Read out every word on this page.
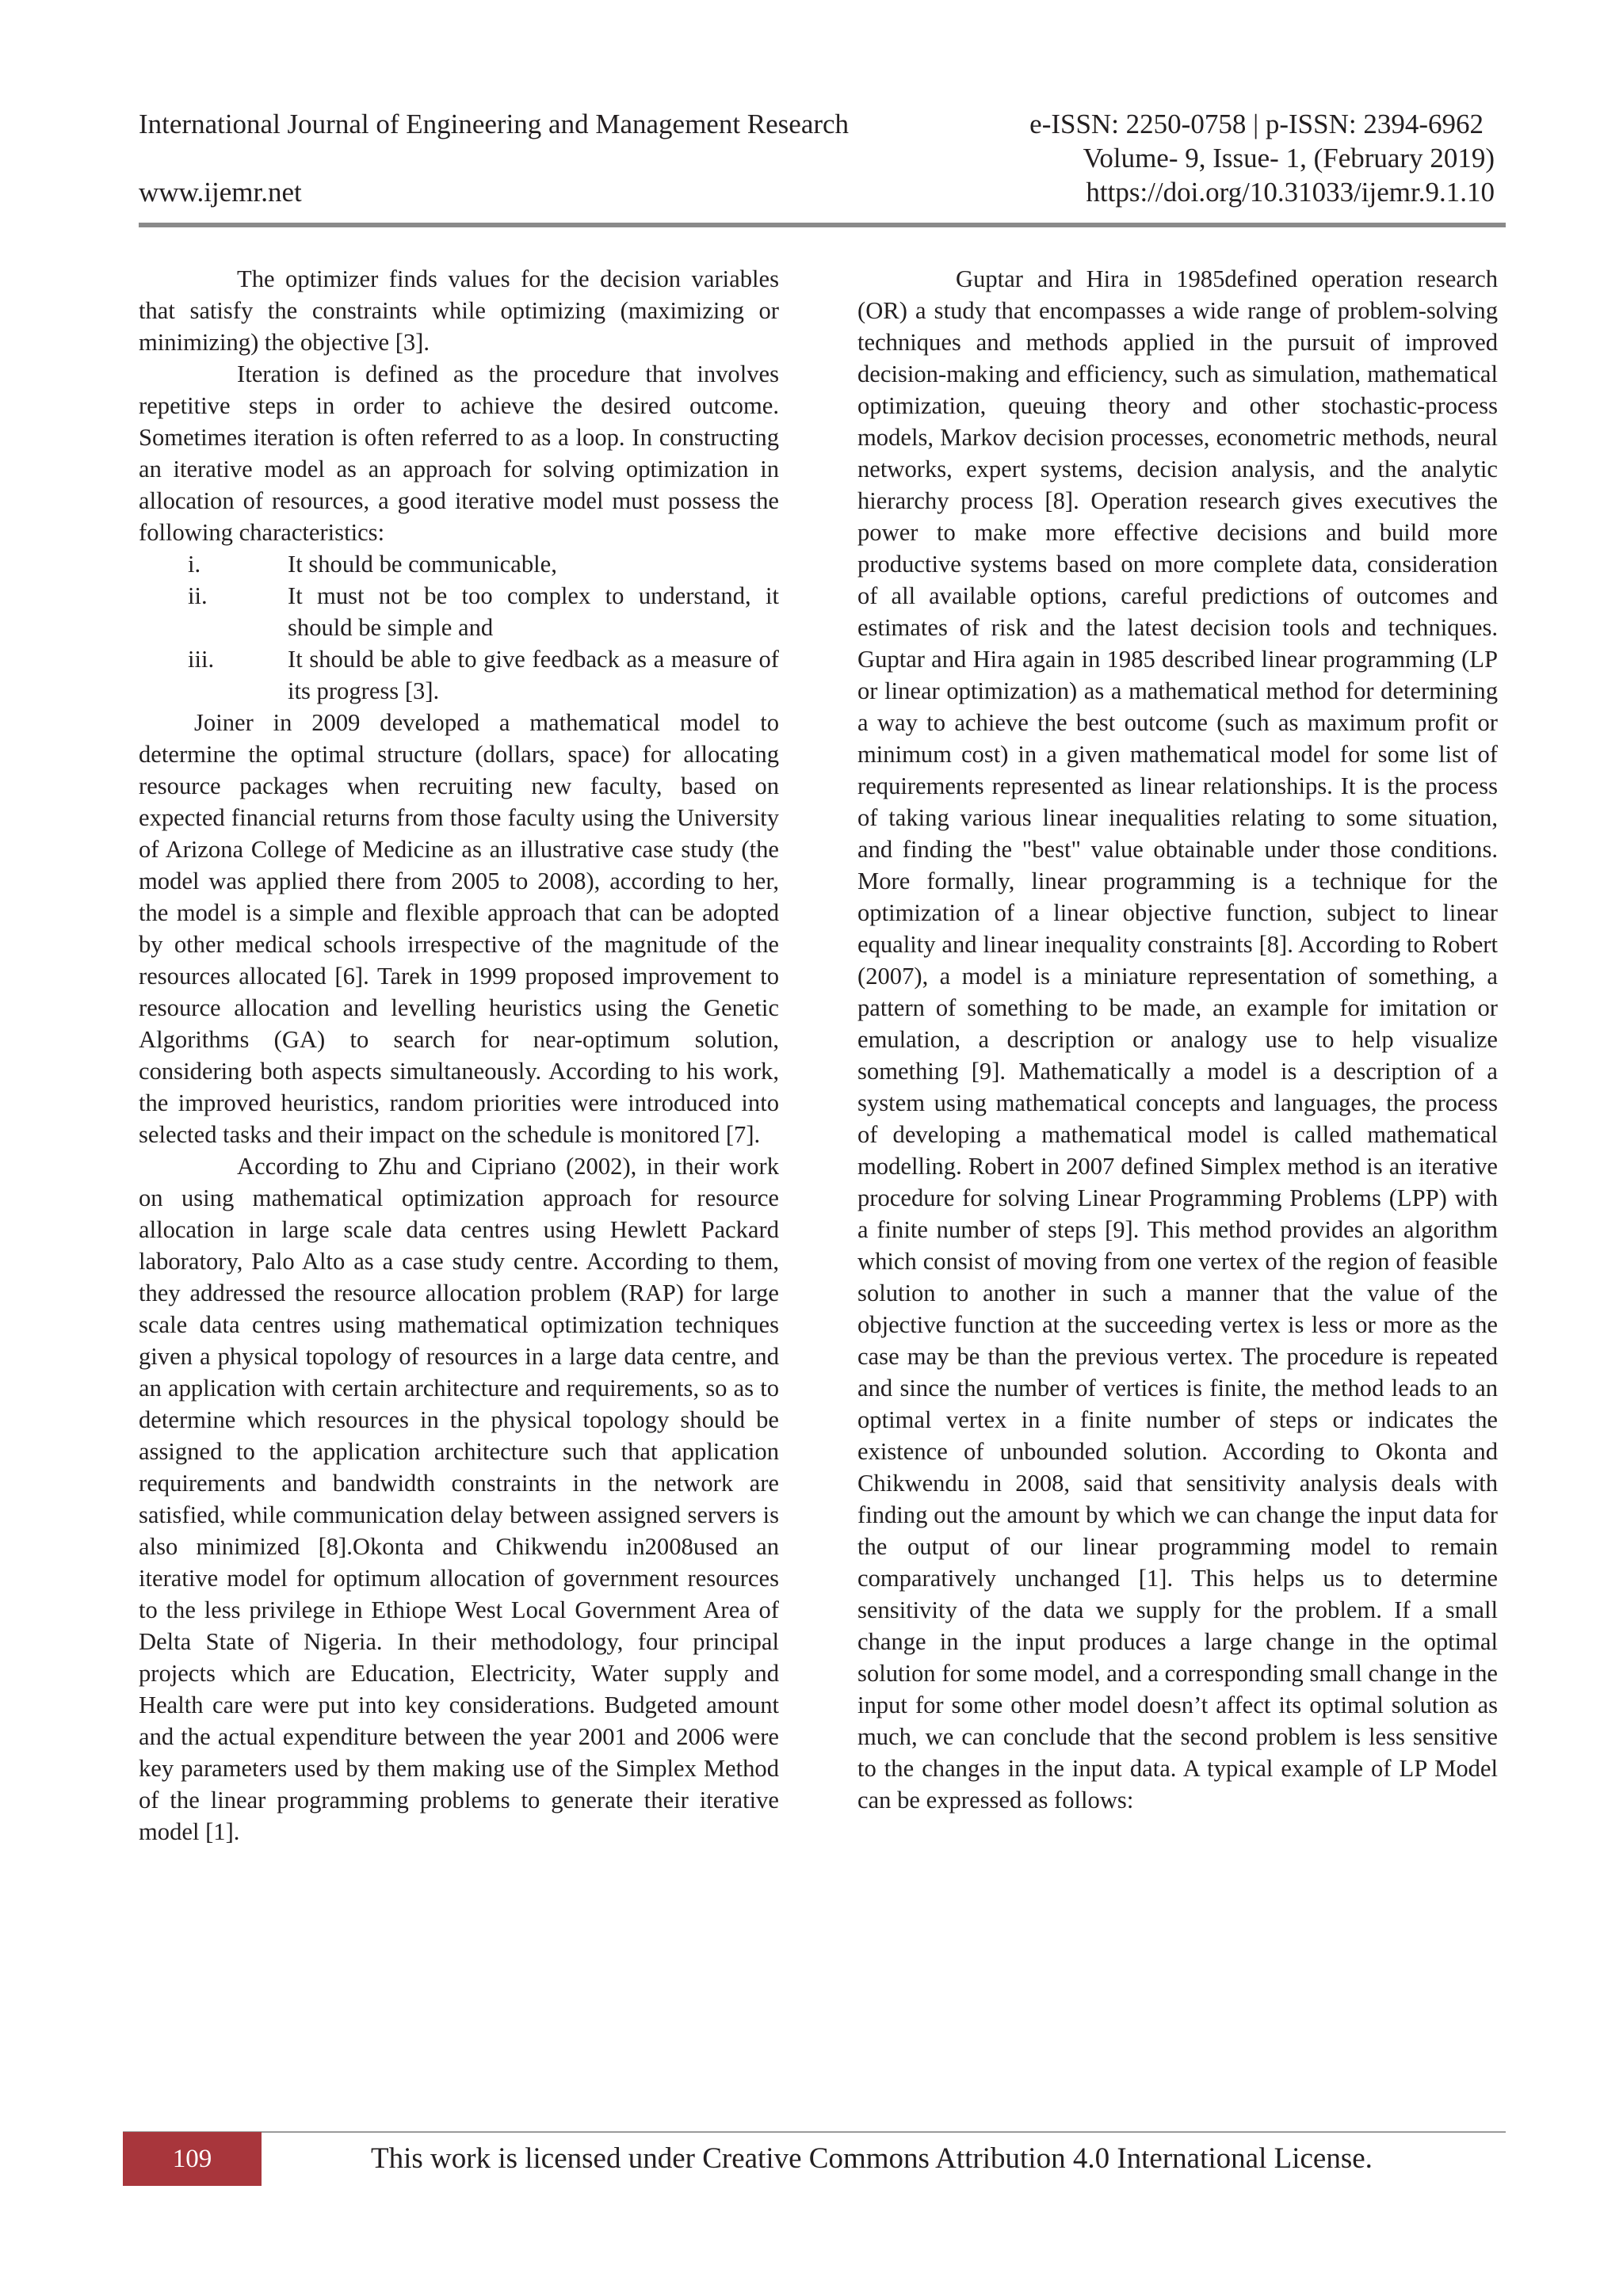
International Journal of Engineering and Management Research	e-ISSN: 2250-0758 | p-ISSN: 2394-6962
Volume- 9, Issue- 1, (February 2019)
www.ijemr.net	https://doi.org/10.31033/ijemr.9.1.10

The optimizer finds values for the decision variables that satisfy the constraints while optimizing (maximizing or minimizing) the objective [3].

Iteration is defined as the procedure that involves repetitive steps in order to achieve the desired outcome. Sometimes iteration is often referred to as a loop. In constructing an iterative model as an approach for solving optimization in allocation of resources, a good iterative model must possess the following characteristics:

i.	It should be communicable,
ii.	It must not be too complex to understand, it should be simple and
iii.	It should be able to give feedback as a measure of its progress [3].

Joiner in 2009 developed a mathematical model to determine the optimal structure (dollars, space) for allocating resource packages when recruiting new faculty, based on expected financial returns from those faculty using the University of Arizona College of Medicine as an illustrative case study (the model was applied there from 2005 to 2008), according to her, the model is a simple and flexible approach that can be adopted by other medical schools irrespective of the magnitude of the resources allocated [6]. Tarek in 1999 proposed improvement to resource allocation and levelling heuristics using the Genetic Algorithms (GA) to search for near-optimum solution, considering both aspects simultaneously. According to his work, the improved heuristics, random priorities were introduced into selected tasks and their impact on the schedule is monitored [7].

According to Zhu and Cipriano (2002), in their work on using mathematical optimization approach for resource allocation in large scale data centres using Hewlett Packard laboratory, Palo Alto as a case study centre. According to them, they addressed the resource allocation problem (RAP) for large scale data centres using mathematical optimization techniques given a physical topology of resources in a large data centre, and an application with certain architecture and requirements, so as to determine which resources in the physical topology should be assigned to the application architecture such that application requirements and bandwidth constraints in the network are satisfied, while communication delay between assigned servers is also minimized [8].Okonta and Chikwendu in2008used an iterative model for optimum allocation of government resources to the less privilege in Ethiope West Local Government Area of Delta State of Nigeria. In their methodology, four principal projects which are Education, Electricity, Water supply and Health care were put into key considerations. Budgeted amount and the actual expenditure between the year 2001 and 2006 were key parameters used by them making use of the Simplex Method of the linear programming problems to generate their iterative model [1].

Guptar and Hira in 1985defined operation research (OR) a study that encompasses a wide range of problem-solving techniques and methods applied in the pursuit of improved decision-making and efficiency, such as simulation, mathematical optimization, queuing theory and other stochastic-process models, Markov decision processes, econometric methods, neural networks, expert systems, decision analysis, and the analytic hierarchy process [8]. Operation research gives executives the power to make more effective decisions and build more productive systems based on more complete data, consideration of all available options, careful predictions of outcomes and estimates of risk and the latest decision tools and techniques. Guptar and Hira again in 1985 described linear programming (LP or linear optimization) as a mathematical method for determining a way to achieve the best outcome (such as maximum profit or minimum cost) in a given mathematical model for some list of requirements represented as linear relationships. It is the process of taking various linear inequalities relating to some situation, and finding the "best" value obtainable under those conditions. More formally, linear programming is a technique for the optimization of a linear objective function, subject to linear equality and linear inequality constraints [8]. According to Robert (2007), a model is a miniature representation of something, a pattern of something to be made, an example for imitation or emulation, a description or analogy use to help visualize something [9]. Mathematically a model is a description of a system using mathematical concepts and languages, the process of developing a mathematical model is called mathematical modelling. Robert in 2007 defined Simplex method is an iterative procedure for solving Linear Programming Problems (LPP) with a finite number of steps [9]. This method provides an algorithm which consist of moving from one vertex of the region of feasible solution to another in such a manner that the value of the objective function at the succeeding vertex is less or more as the case may be than the previous vertex. The procedure is repeated and since the number of vertices is finite, the method leads to an optimal vertex in a finite number of steps or indicates the existence of unbounded solution. According to Okonta and Chikwendu in 2008, said that sensitivity analysis deals with finding out the amount by which we can change the input data for the output of our linear programming model to remain comparatively unchanged [1]. This helps us to determine sensitivity of the data we supply for the problem. If a small change in the input produces a large change in the optimal solution for some model, and a corresponding small change in the input for some other model doesn’t affect its optimal solution as much, we can conclude that the second problem is less sensitive to the changes in the input data. A typical example of LP Model can be expressed as follows:

109	This work is licensed under Creative Commons Attribution 4.0 International License.
